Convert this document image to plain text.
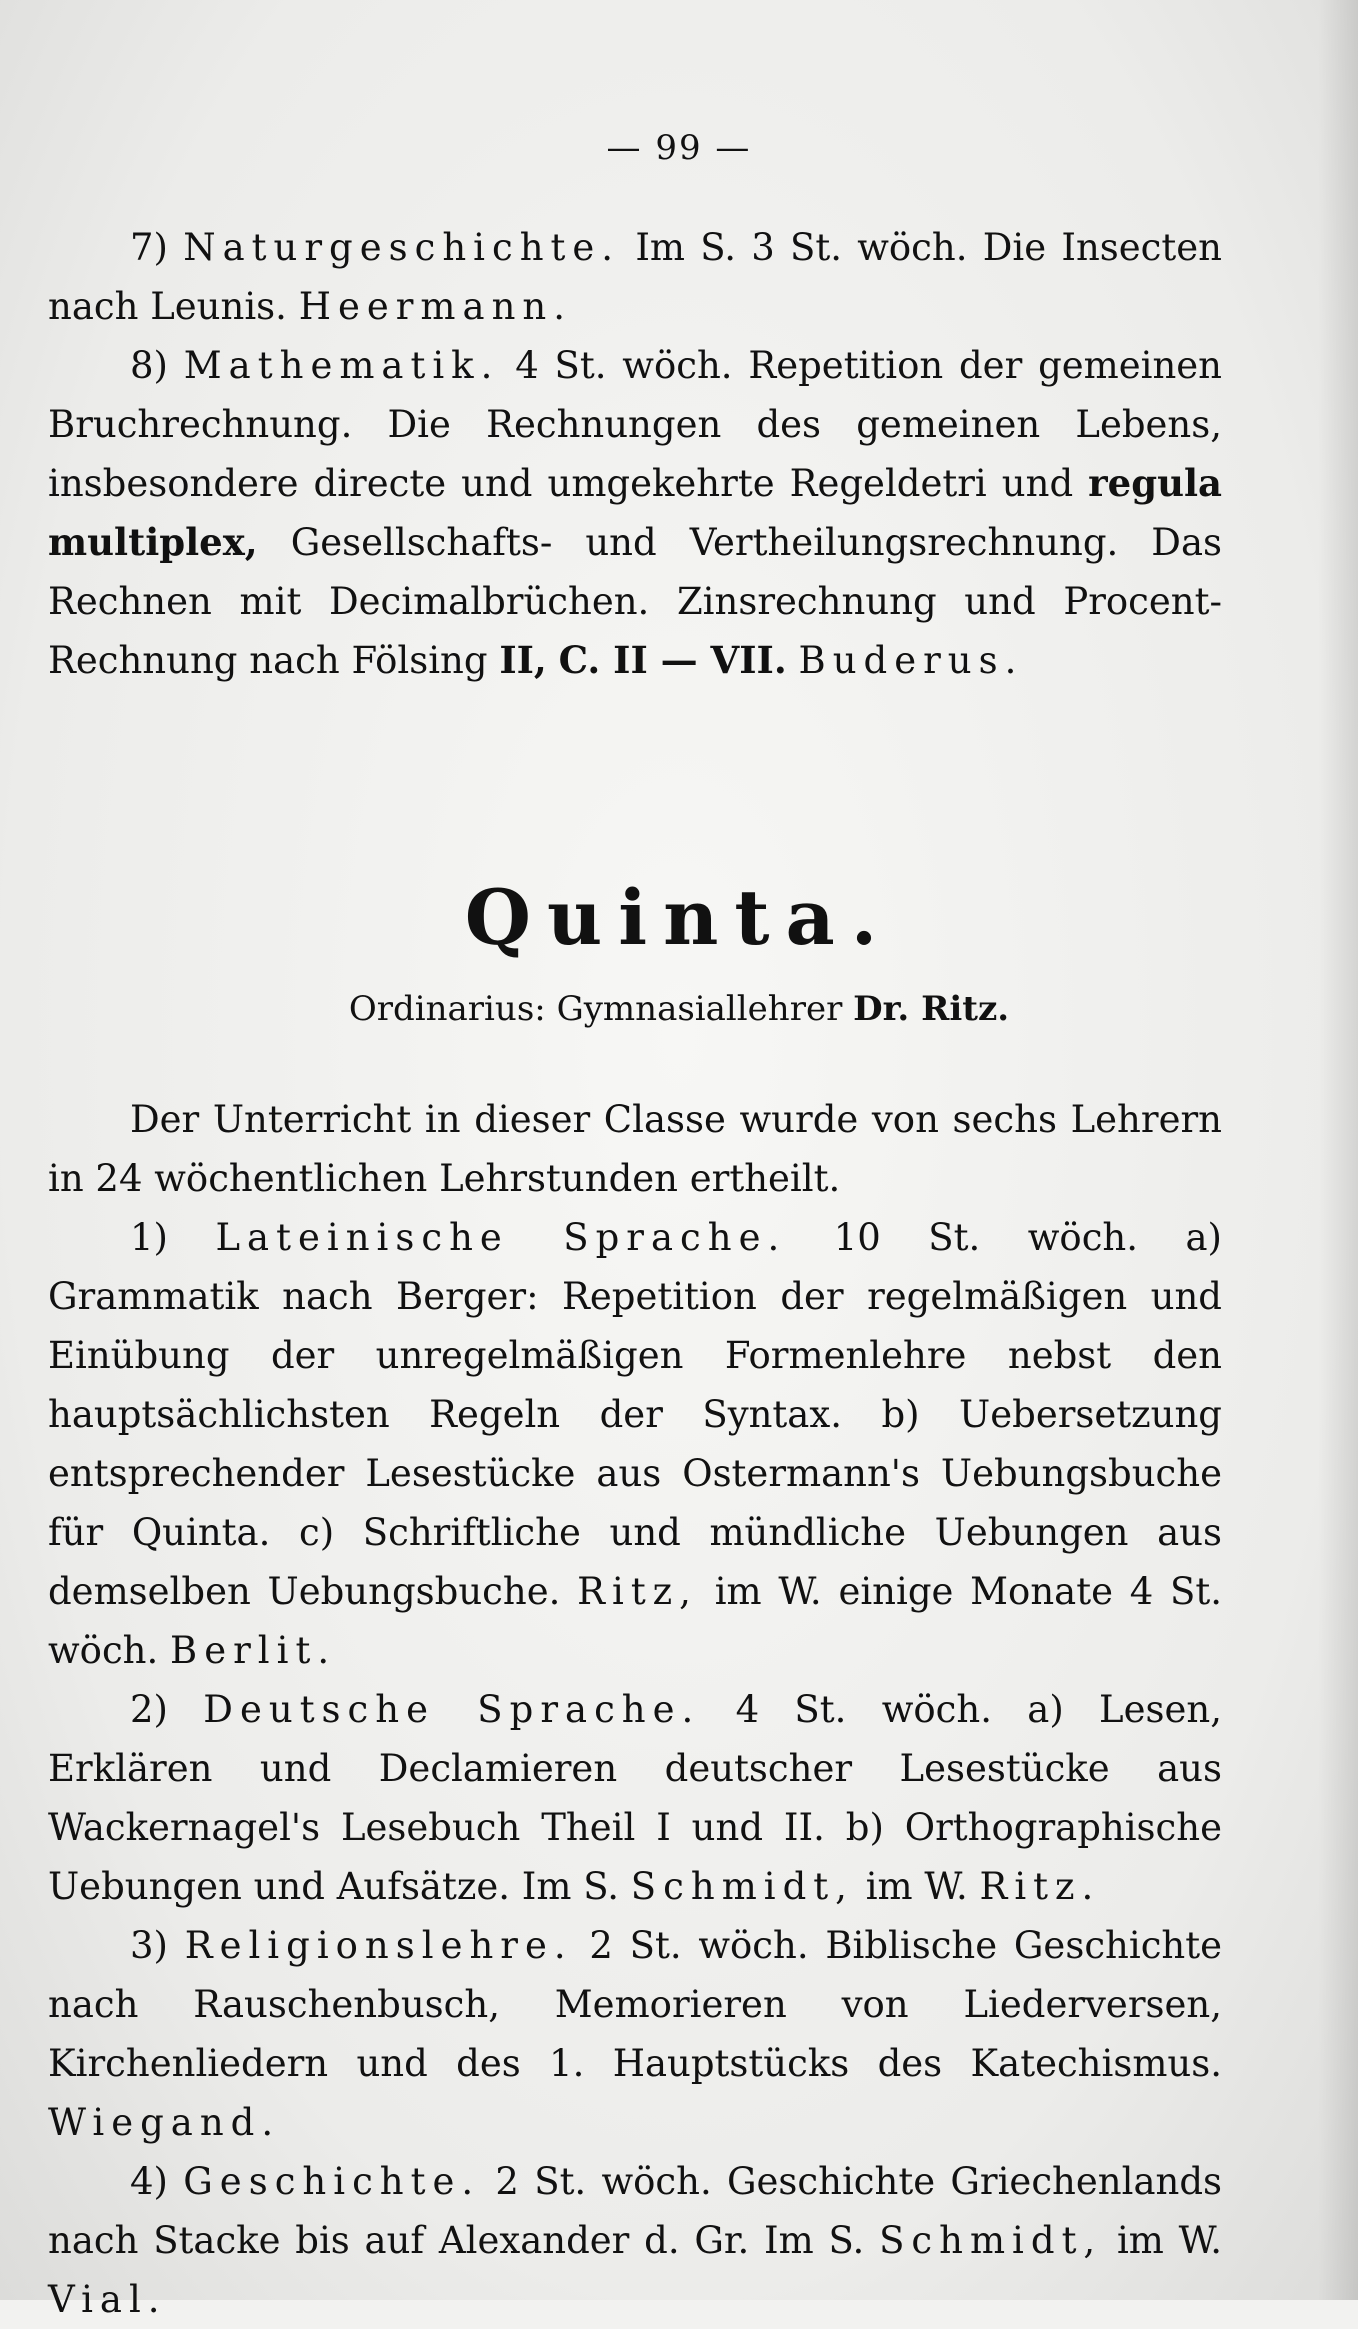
— 99 —

7) Naturgeschichte. Im S. 3 St. wöch. Die Insecten nach Leunis. Heermann.

8) Mathematik. 4 St. wöch. Repetition der gemeinen Bruchrechnung. Die Rechnungen des gemeinen Lebens, insbesondere directe und umgekehrte Regeldetri und regula multiplex, Gesellschafts- und Vertheilungsrechnung. Das Rechnen mit Decimalbrüchen. Zinsrechnung und Procent-Rechnung nach Fölsing II, C. II — VII. Buderus.

Quinta.
Ordinarius: Gymnasiallehrer Dr. Ritz.

Der Unterricht in dieser Classe wurde von sechs Lehrern in 24 wöchentlichen Lehrstunden ertheilt.

1) Lateinische Sprache. 10 St. wöch. a) Grammatik nach Berger: Repetition der regelmäßigen und Einübung der unregelmäßigen Formenlehre nebst den hauptsächlichsten Regeln der Syntax. b) Uebersetzung entsprechender Lesestücke aus Ostermann's Uebungsbuche für Quinta. c) Schriftliche und mündliche Uebungen aus demselben Uebungsbuche. Ritz, im W. einige Monate 4 St. wöch. Berlit.

2) Deutsche Sprache. 4 St. wöch. a) Lesen, Erklären und Declamieren deutscher Lesestücke aus Wackernagel's Lesebuch Theil I und II. b) Orthographische Uebungen und Aufsätze. Im S. Schmidt, im W. Ritz.

3) Religionslehre. 2 St. wöch. Biblische Geschichte nach Rauschenbusch, Memorieren von Liederversen, Kirchenliedern und des 1. Hauptstücks des Katechismus. Wiegand.

4) Geschichte. 2 St. wöch. Geschichte Griechenlands nach Stacke bis auf Alexander d. Gr. Im S. Schmidt, im W. Vial.
